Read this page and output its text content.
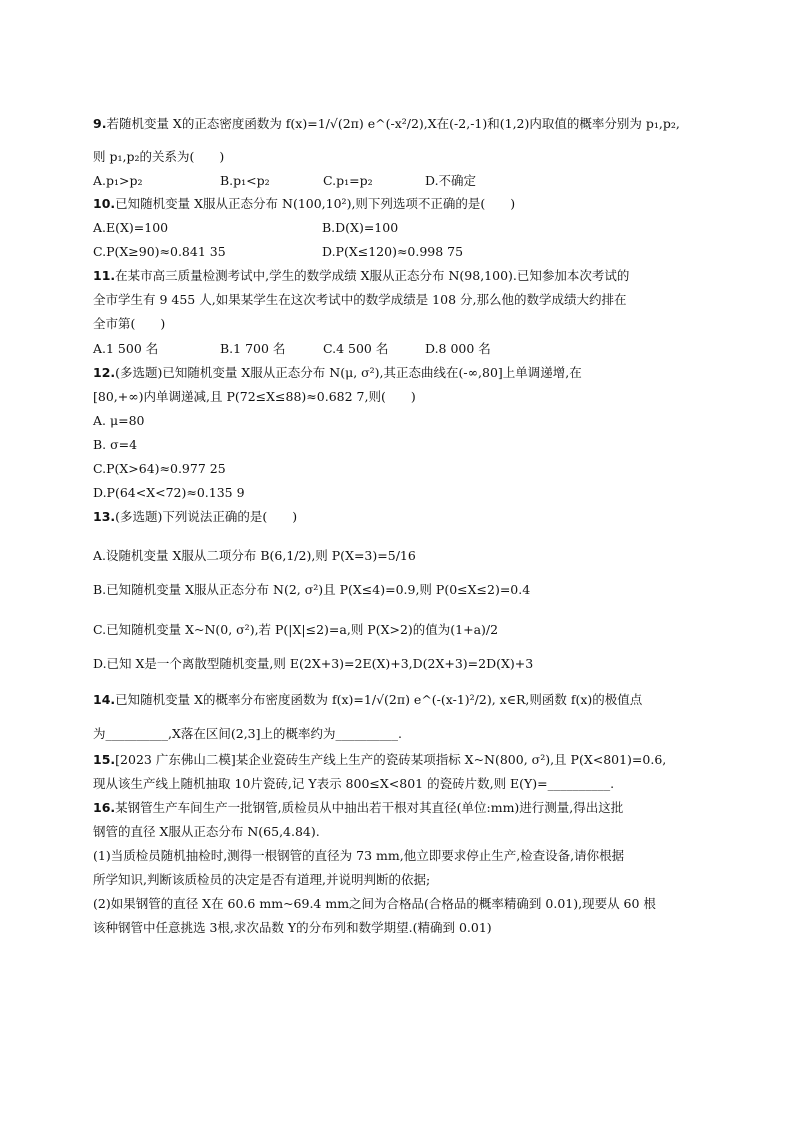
9.若随机变量 X的正态密度函数为 f(x)=1/√(2π) e^(-x²/2),X在(-2,-1)和(1,2)内取值的概率分别为 p₁,p₂,
则 p₁,p₂的关系为(　　)
A.p₁>p₂	B.p₁<p₂	C.p₁=p₂	D.不确定
10.已知随机变量 X服从正态分布 N(100,10²),则下列选项不正确的是(　　)
A.E(X)=100	B.D(X)=100
C.P(X≥90)≈0.841 35	D.P(X≤120)≈0.998 75
11.在某市高三质量检测考试中,学生的数学成绩 X服从正态分布 N(98,100).已知参加本次考试的
全市学生有 9 455 人,如果某学生在这次考试中的数学成绩是 108 分,那么他的数学成绩大约排在
全市第(　　)
A.1 500 名	B.1 700 名	C.4 500 名	D.8 000 名
12.(多选题)已知随机变量 X服从正态分布 N(μ, σ²),其正态曲线在(-∞,80]上单调递增,在
[80,+∞)内单调递减,且 P(72≤X≤88)≈0.682 7,则(　　)
A. μ=80
B. σ=4
C.P(X>64)≈0.977 25
D.P(64<X<72)≈0.135 9
13.(多选题)下列说法正确的是(　　)
A.设随机变量 X服从二项分布 B(6,1/2),则 P(X=3)=5/16
B.已知随机变量 X服从正态分布 N(2, σ²)且 P(X≤4)=0.9,则 P(0≤X≤2)=0.4
C.已知随机变量 X~N(0, σ²),若 P(|X|≤2)=a,则 P(X>2)的值为(1+a)/2
D.已知 X是一个离散型随机变量,则 E(2X+3)=2E(X)+3,D(2X+3)=2D(X)+3
14.已知随机变量 X的概率分布密度函数为 f(x)=1/√(2π) e^(-(x-1)²/2), x∈R,则函数 f(x)的极值点
为__________,X落在区间(2,3]上的概率约为__________.
15.[2023 广东佛山二模]某企业瓷砖生产线上生产的瓷砖某项指标 X~N(800, σ²),且 P(X<801)=0.6,
现从该生产线上随机抽取 10片瓷砖,记 Y表示 800≤X<801 的瓷砖片数,则 E(Y)=__________.
16.某钢管生产车间生产一批钢管,质检员从中抽出若干根对其直径(单位:mm)进行测量,得出这批
钢管的直径 X服从正态分布 N(65,4.84).
(1)当质检员随机抽检时,测得一根钢管的直径为 73 mm,他立即要求停止生产,检查设备,请你根据
所学知识,判断该质检员的决定是否有道理,并说明判断的依据;
(2)如果钢管的直径 X在 60.6 mm~69.4 mm之间为合格品(合格品的概率精确到 0.01),现要从 60 根
该种钢管中任意挑选 3根,求次品数 Y的分布列和数学期望.(精确到 0.01)
